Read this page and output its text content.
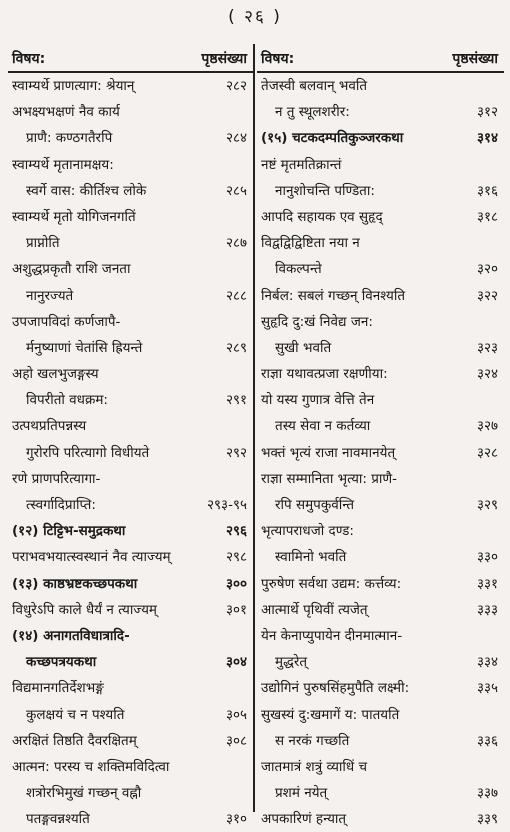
( २६ )
विषय:	पृष्ठसंख्या
स्वाम्यर्थे प्राणत्याग: श्रेयान्	२८२
अभक्ष्यभक्षणं नैव कार्य
प्राणै: कण्ठगतैरपि	२८४
स्वाम्यर्थे मृतानामक्षय:
स्वर्गे वास: कीर्तिश्च लोके	२८५
स्वाम्यर्थे मृतो योगिजनगतिं
प्राप्नोति	२८७
अशुद्धप्रकृतौ राशि जनता
नानुरज्यते	२८८
उपजापविदां कर्णजापै-
र्मनुष्याणां चेतांसि ह्रियन्ते	२८९
अहो खलभुजङ्गस्य
विपरीतो वधक्रम:	२९१
उत्पथप्रतिपन्नस्य
गुरोरपि परित्यागो विधीयते	२९२
रणे प्राणपरित्यागा-
त्स्वर्गादिप्राप्ति:	२९३-९५
(१२) टिट्टिभ-समुद्रकथा	२९६
पराभवभयात्स्वस्थानं नैव त्याज्यम्	२९८
(१३) काष्ठभ्रष्टकच्छपकथा	३००
विधुरेऽपि काले धैर्यं न त्याज्यम्	३०१
(१४) अनागतविधात्रादि-
कच्छपत्रयकथा	३०४
विद्यमानगतिर्देशभङ्गं
कुलक्षयं च न पश्यति	३०५
अरक्षितं तिष्ठति दैवरक्षितम्	३०८
आत्मन: परस्य च शक्तिमविदित्वा
शत्रोरभिमुखं गच्छन् वह्नौ
पतङ्गवन्नश्यति	३१०
विषय:	पृष्ठसंख्या
तेजस्वी बलवान् भवति
न तु स्थूलशरीर:	३१२
(१५) चटकदम्पतिकुञ्जरकथा	३१४
नष्टं मृतमतिक्रान्तं
नानुशोचन्ति पण्डिता:	३१६
आपदि सहायक एव सुहृद्	३१८
विद्वद्विद्विष्टिता नया न
विकल्पन्ते	३२०
निर्बल: सबलं गच्छन् विनश्यति	३२२
सुहृदि दु:खं निवेद्य जन:
सुखी भवति	३२३
राज्ञा यथावत्प्रजा रक्षणीया:	३२४
यो यस्य गुणात्र वेत्ति तेन
तस्य सेवा न कर्तव्या	३२७
भक्तं भृत्यं राजा नावमानयेत्	३२८
राज्ञा सम्मानिता भृत्या: प्राणै-
रपि समुपकुर्वन्ति	३२९
भृत्यापराधजो दण्ड:
स्वामिनो भवति	३३०
पुरुषेण सर्वथा उद्यम: कर्त्तव्य:	३३१
आत्मार्थे पृथिवीं त्यजेत्	३३३
येन केनाप्युपायेन दीनमात्मान-
मुद्धरेत्	३३४
उद्योगिनं पुरुषसिंहमुपैति लक्ष्मी:	३३५
सुखस्यं दु:खमागें य: पातयति
स नरकं गच्छति	३३६
जातमात्रं शत्रुं व्याधिं च
प्रशमं नयेत्	३३७
अपकारिणं हन्यात्	३३९
